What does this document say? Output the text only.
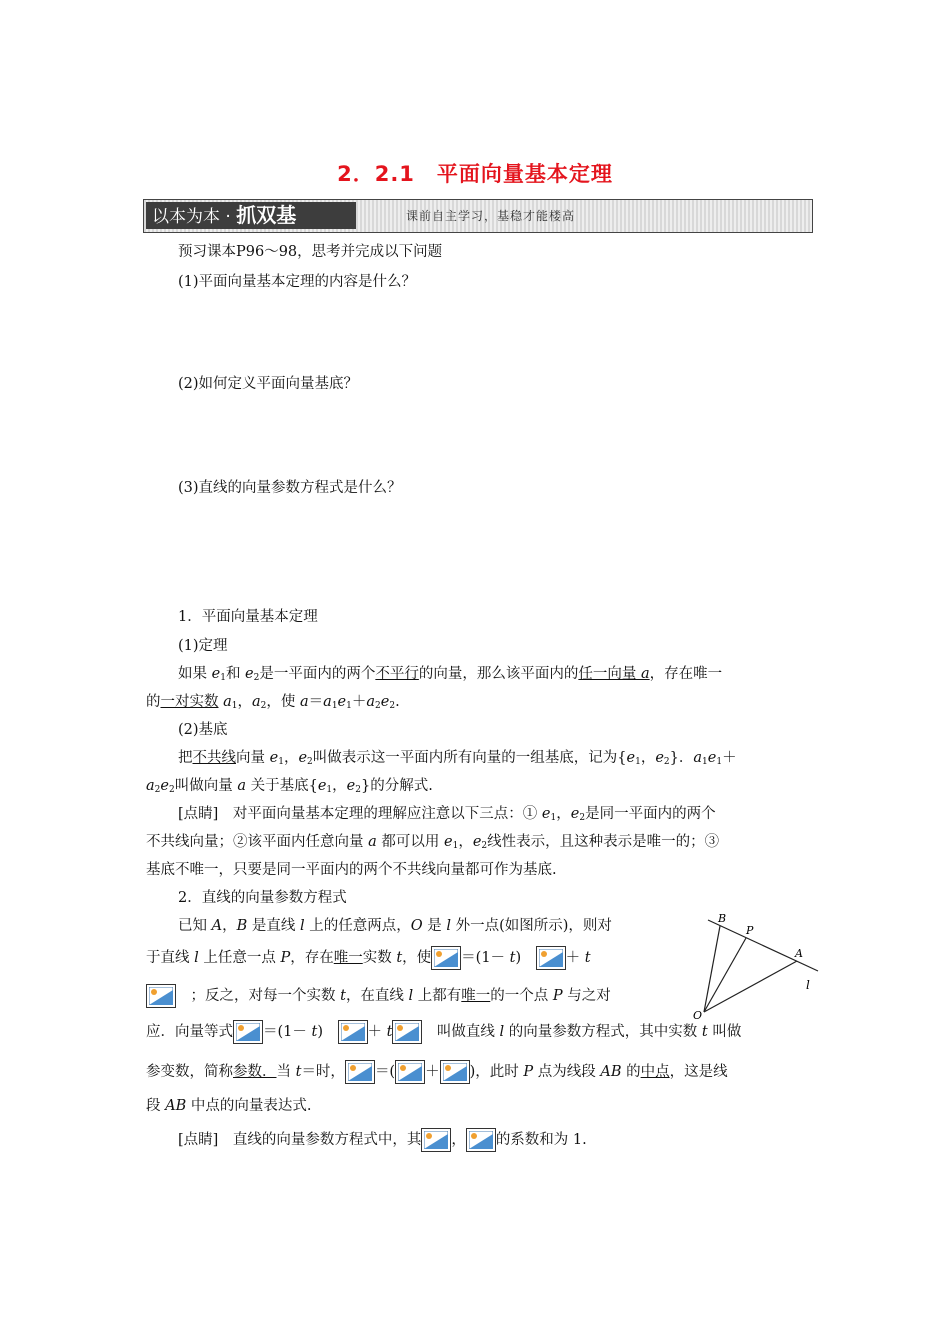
2．2.1　平面向量基本定理
以本为本 · 抓双基	课前自主学习，基稳才能楼高
预习课本P96～98，思考并完成以下问题
(1)平面向量基本定理的内容是什么？
(2)如何定义平面向量基底？
(3)直线的向量参数方程式是什么？
1．平面向量基本定理
(1)定理
如果 $e_1$和 $e_2$是一平面内的两个不平行的向量，那么该平面内的任一向量 a，存在唯一
的一对实数 $a_1$，$a_2$，使 $a=a_1e_1+a_2e_2$.
(2)基底
把不共线向量 $e_1$，$e_2$叫做表示这一平面内所有向量的一组基底，记为{$e_1$，$e_2$}．$a_1e_1+$
$a_2e_2$叫做向量 a 关于基底{$e_1$，$e_2$}的分解式.
[点睛]　对平面向量基本定理的理解应注意以下三点：① $e_1$，$e_2$是同一平面内的两个
不共线向量；②该平面内任意向量 a 都可以用 $e_1$，$e_2$线性表示，且这种表示是唯一的；③
基底不唯一，只要是同一平面内的两个不共线向量都可作为基底.
2．直线的向量参数方程式
已知 A，B 是直线 l 上的任意两点，O 是 l 外一点(如图所示)，则对
于直线 l 上任意一点 P，存在唯一实数 t，使 ＝(1－ t)　
＋ t
　；反之，对每一个实数 t，在直线 l 上都有唯一的一个点 P 与之对
应．向量等式 ＝(1－ t)　
＋ t
　叫做直线 l 的向量参数方程式，其中实数 t 叫做
参变数，简称参数．当 t＝时， ＝( ＋ )，此时 P 点为线段 AB 的中点，这是线
段 AB 中点的向量表达式.
[点睛]　直线的向量参数方程式中，其 ， 的系数和为 1.
B
P
A
O
l
